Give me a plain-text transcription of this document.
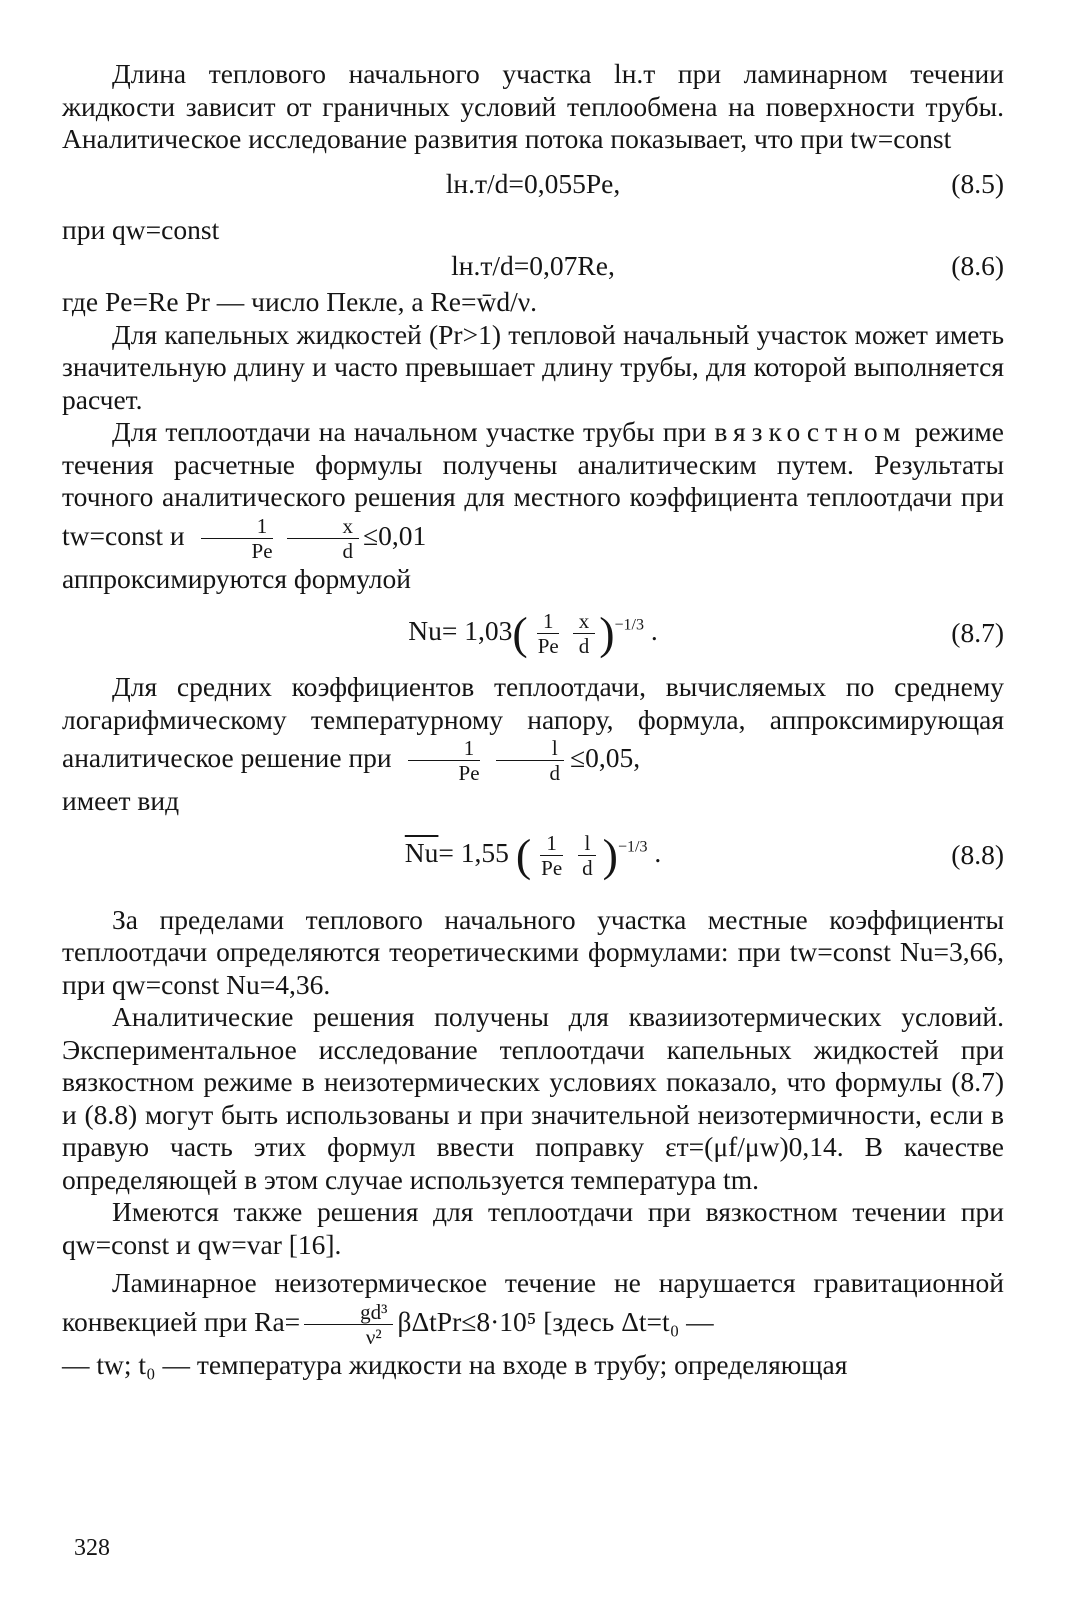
Длина теплового начального участка lн.т при ламинарном течении жидкости зависит от граничных условий теплообмена на поверхности трубы. Аналитическое исследование развития потока показывает, что при tw=const

lн.т/d=0,055Pe,	(8.5)

при qw=const

lн.т/d=0,07Re,	(8.6)

где Pe=Re Pr — число Пекле, а Re=w̄d/ν.

Для капельных жидкостей (Pr>1) тепловой начальный участок может иметь значительную длину и часто превышает длину трубы, для которой выполняется расчет.

Для теплоотдачи на начальном участке трубы при вязкостном режиме течения расчетные формулы получены аналитическим путем. Результаты точного аналитического решения для местного коэффициента теплоотдачи при tw=const и $\frac{1}{Pe} \frac{x}{d} \le 0,01$

аппроксимируются формулой

$Nu= 1,03( \frac{1}{Pe} \frac{x}{d} )^{-1/3}$ .	(8.7)

Для средних коэффициентов теплоотдачи, вычисляемых по среднему логарифмическому температурному напору, формула, аппроксимирующая аналитическое решение при $\frac{1}{Pe} \frac{l}{d} \le 0,05$,

имеет вид

$\overline{Nu}= 1,55$ ( $\frac{1}{Pe} \frac{l}{d} )^{-1/3}$ .	(8.8)

За пределами теплового начального участка местные коэффициенты теплоотдачи определяются теоретическими формулами: при tw=const Nu=3,66, при qw=const Nu=4,36.

Аналитические решения получены для квазиизотермических условий. Экспериментальное исследование теплоотдачи капельных жидкостей при вязкостном режиме в неизотермических условиях показало, что формулы (8.7) и (8.8) могут быть использованы и при значительной неизотермичности, если в правую часть этих формул ввести поправку εт=(μf/μw)0,14. В качестве определяющей в этом случае используется температура tm.

Имеются также решения для теплоотдачи при вязкостном течении при qw=const и qw=var [16].

Ламинарное неизотермическое течение не нарушается гравитационной конвекцией при $Ra= \frac{\text{gd³}}{\text{ν²}} \beta\Delta tPr\le 8\cdot 10^5$ [здесь Δt=t₀ —

— tw; t₀ — температура жидкости на входе в трубу; определяющая

328
